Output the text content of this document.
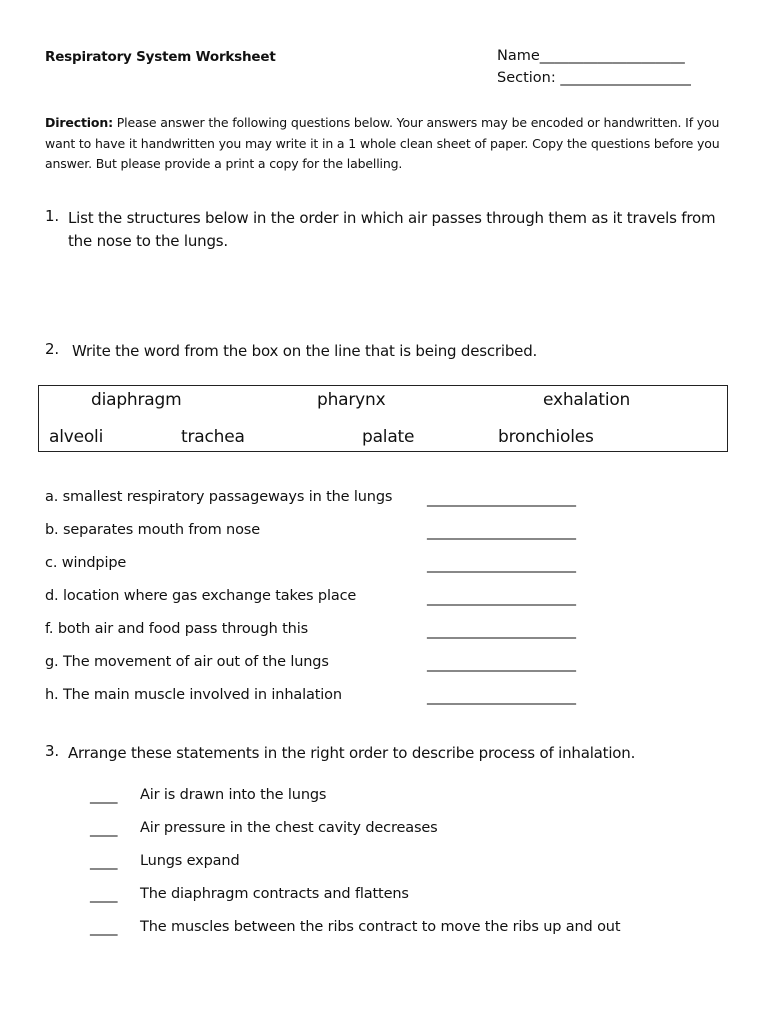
Respiratory System Worksheet	Name____________________
Section: __________________
Direction: Please answer the following questions below. Your answers may be encoded or handwritten. If you want to have it handwritten you may write it in a 1 whole clean sheet of paper. Copy the questions before you answer. But please provide a print a copy for the labelling.
1. List the structures below in the order in which air passes through them as it travels from the nose to the lungs.
2. Write the word from the box on the line that is being described.
diaphragm	pharynx	exhalation
alveoli	trachea	palate	bronchioles
a. smallest respiratory passageways in the lungs ______________________
b. separates mouth from nose	______________________
c. windpipe	______________________
d. location where gas exchange takes place	______________________
f. both air and food pass through this	______________________
g. The movement of air out of the lungs	______________________
h. The main muscle involved in inhalation	______________________
3. Arrange these statements in the right order to describe process of inhalation.
____ Air is drawn into the lungs
____ Air pressure in the chest cavity decreases
____ Lungs expand
____ The diaphragm contracts and flattens
____ The muscles between the ribs contract to move the ribs up and out
